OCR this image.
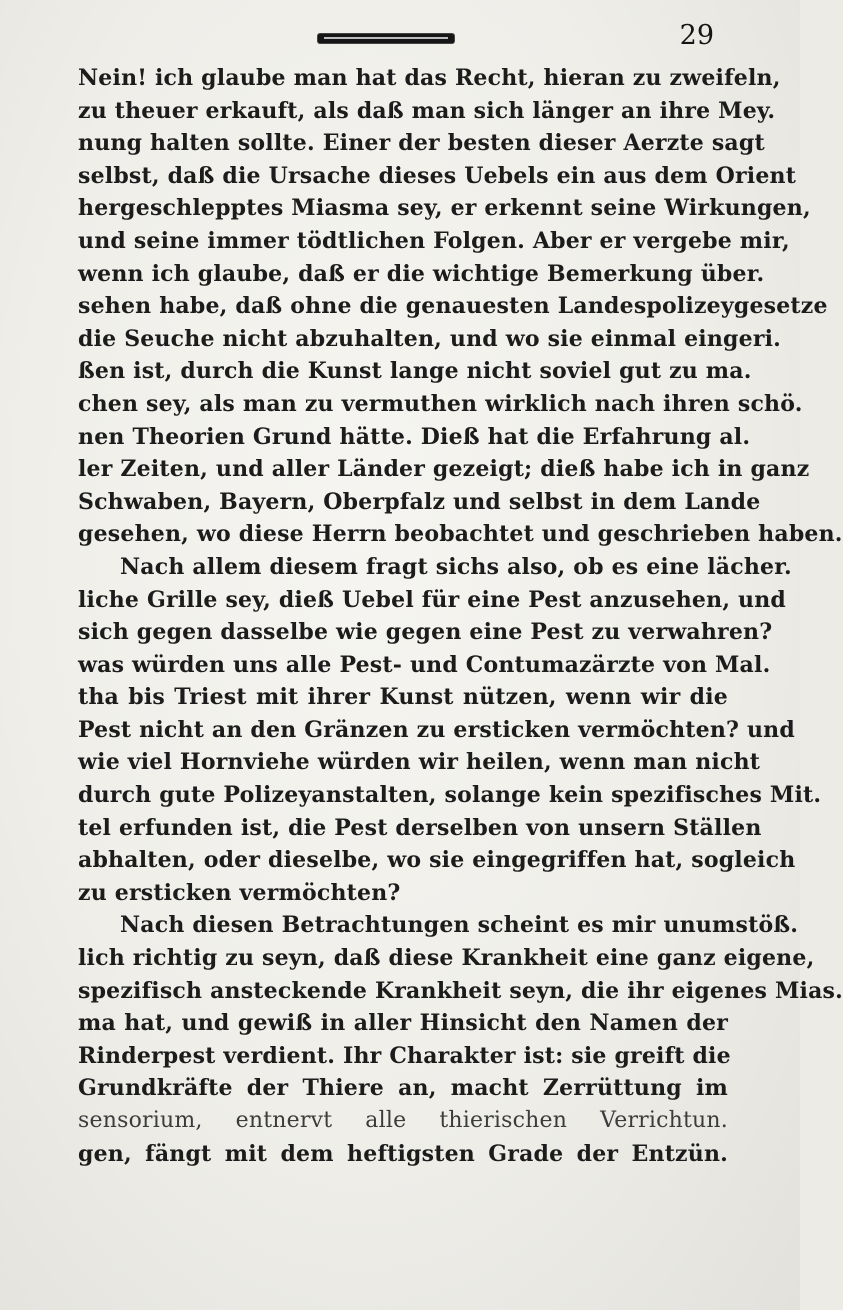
29
Nein! ich glaube man hat das Recht, hieran zu zweifeln,
zu theuer erkauft, als daß man sich länger an ihre Mey.
nung halten sollte. Einer der besten dieser Aerzte sagt
selbst, daß die Ursache dieses Uebels ein aus dem Orient
hergeschlepptes Miasma sey, er erkennt seine Wirkungen,
und seine immer tödtlichen Folgen. Aber er vergebe mir,
wenn ich glaube, daß er die wichtige Bemerkung über.
sehen habe, daß ohne die genauesten Landespolizeygesetze
die Seuche nicht abzuhalten, und wo sie einmal eingeri.
ßen ist, durch die Kunst lange nicht soviel gut zu ma.
chen sey, als man zu vermuthen wirklich nach ihren schö.
nen Theorien Grund hätte. Dieß hat die Erfahrung al.
ler Zeiten, und aller Länder gezeigt; dieß habe ich in ganz
Schwaben, Bayern, Oberpfalz und selbst in dem Lande
gesehen, wo diese Herrn beobachtet und geschrieben haben.
Nach allem diesem fragt sichs also, ob es eine lächer.
liche Grille sey, dieß Uebel für eine Pest anzusehen, und
sich gegen dasselbe wie gegen eine Pest zu verwahren?
was würden uns alle Pest- und Contumazärzte von Mal.
tha bis Triest mit ihrer Kunst nützen, wenn wir die
Pest nicht an den Gränzen zu ersticken vermöchten? und
wie viel Hornviehe würden wir heilen, wenn man nicht
durch gute Polizeyanstalten, solange kein spezifisches Mit.
tel erfunden ist, die Pest derselben von unsern Ställen
abhalten, oder dieselbe, wo sie eingegriffen hat, sogleich
zu ersticken vermöchten?
Nach diesen Betrachtungen scheint es mir unumstöß.
lich richtig zu seyn, daß diese Krankheit eine ganz eigene,
spezifisch ansteckende Krankheit seyn, die ihr eigenes Mias.
ma hat, und gewiß in aller Hinsicht den Namen der
Rinderpest verdient. Ihr Charakter ist: sie greift die
Grundkräfte der Thiere an, macht Zerrüttung im
sensorium, entnervt alle thierischen Verrichtun.
gen, fängt mit dem heftigsten Grade der Entzün.
